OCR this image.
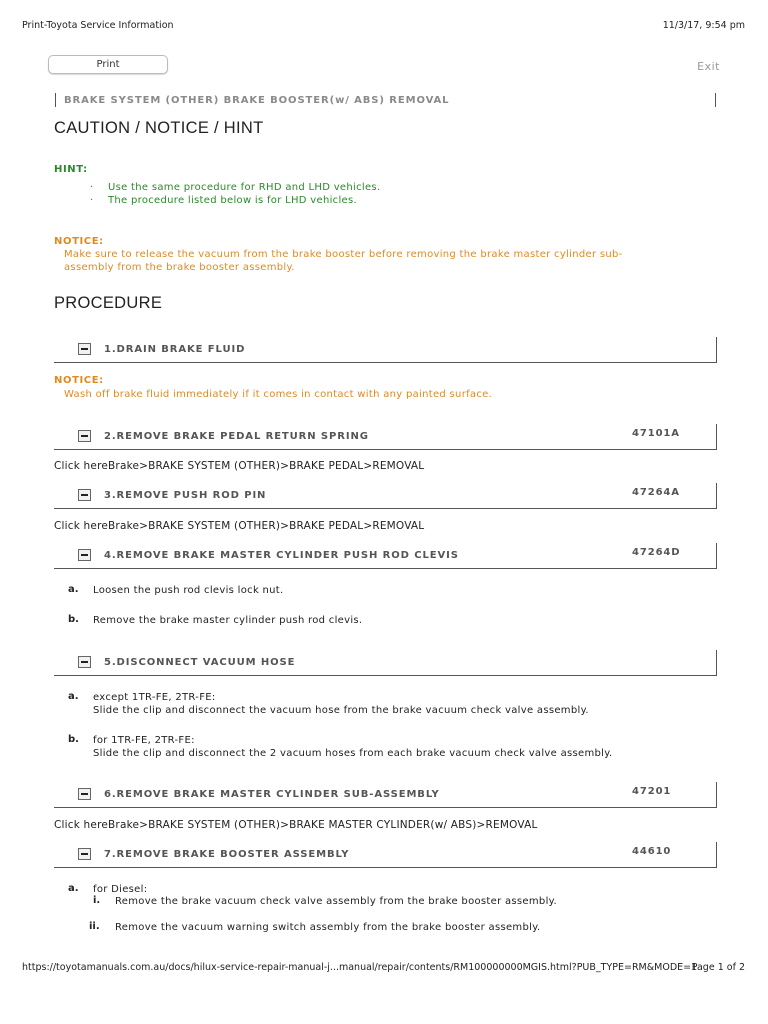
Print-Toyota Service Information	11/3/17, 9:54 pm
Print	Exit
BRAKE SYSTEM (OTHER) BRAKE BOOSTER(w/ ABS) REMOVAL
CAUTION / NOTICE / HINT
HINT:
· Use the same procedure for RHD and LHD vehicles.
· The procedure listed below is for LHD vehicles.
NOTICE:
Make sure to release the vacuum from the brake booster before removing the brake master cylinder sub-
assembly from the brake booster assembly.
PROCEDURE
1.DRAIN BRAKE FLUID
NOTICE:
Wash off brake fluid immediately if it comes in contact with any painted surface.
2.REMOVE BRAKE PEDAL RETURN SPRING	47101A
Click hereBrake>BRAKE SYSTEM (OTHER)>BRAKE PEDAL>REMOVAL
3.REMOVE PUSH ROD PIN	47264A
Click hereBrake>BRAKE SYSTEM (OTHER)>BRAKE PEDAL>REMOVAL
4.REMOVE BRAKE MASTER CYLINDER PUSH ROD CLEVIS	47264D
a. Loosen the push rod clevis lock nut.
b. Remove the brake master cylinder push rod clevis.
5.DISCONNECT VACUUM HOSE
a. except 1TR-FE, 2TR-FE:
Slide the clip and disconnect the vacuum hose from the brake vacuum check valve assembly.
b. for 1TR-FE, 2TR-FE:
Slide the clip and disconnect the 2 vacuum hoses from each brake vacuum check valve assembly.
6.REMOVE BRAKE MASTER CYLINDER SUB-ASSEMBLY	47201
Click hereBrake>BRAKE SYSTEM (OTHER)>BRAKE MASTER CYLINDER(w/ ABS)>REMOVAL
7.REMOVE BRAKE BOOSTER ASSEMBLY	44610
a. for Diesel:
i. Remove the brake vacuum check valve assembly from the brake booster assembly.
ii. Remove the vacuum warning switch assembly from the brake booster assembly.
https://toyotamanuals.com.au/docs/hilux-service-repair-manual-j...manual/repair/contents/RM100000000MGIS.html?PUB_TYPE=RM&MODE=1
Page 1 of 2
